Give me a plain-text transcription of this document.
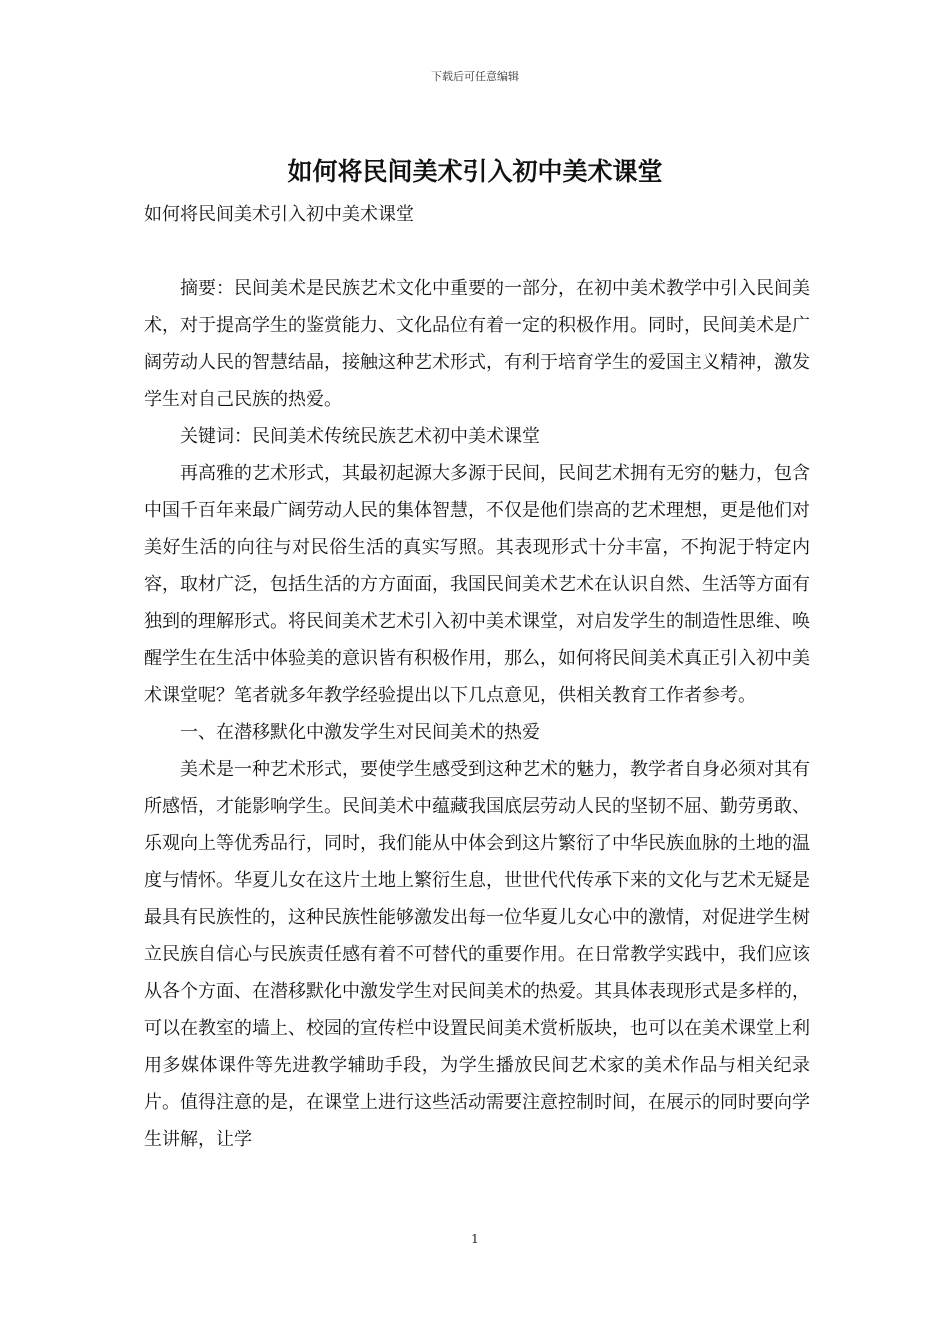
下载后可任意编辑
如何将民间美术引入初中美术课堂

如何将民间美术引入初中美术课堂

摘要：民间美术是民族艺术文化中重要的一部分，在初中美术教学中引入民间美术，对于提高学生的鉴赏能力、文化品位有着一定的积极作用。同时，民间美术是广阔劳动人民的智慧结晶，接触这种艺术形式，有利于培育学生的爱国主义精神，激发学生对自己民族的热爱。

关键词：民间美术传统民族艺术初中美术课堂

再高雅的艺术形式，其最初起源大多源于民间，民间艺术拥有无穷的魅力，包含中国千百年来最广阔劳动人民的集体智慧，不仅是他们崇高的艺术理想，更是他们对美好生活的向往与对民俗生活的真实写照。其表现形式十分丰富，不拘泥于特定内容，取材广泛，包括生活的方方面面，我国民间美术艺术在认识自然、生活等方面有独到的理解形式。将民间美术艺术引入初中美术课堂，对启发学生的制造性思维、唤醒学生在生活中体验美的意识皆有积极作用，那么，如何将民间美术真正引入初中美术课堂呢？笔者就多年教学经验提出以下几点意见，供相关教育工作者参考。

一、在潜移默化中激发学生对民间美术的热爱

美术是一种艺术形式，要使学生感受到这种艺术的魅力，教学者自身必须对其有所感悟，才能影响学生。民间美术中蕴藏我国底层劳动人民的坚韧不屈、勤劳勇敢、乐观向上等优秀品行，同时，我们能从中体会到这片繁衍了中华民族血脉的土地的温度与情怀。华夏儿女在这片土地上繁衍生息，世世代代传承下来的文化与艺术无疑是最具有民族性的，这种民族性能够激发出每一位华夏儿女心中的激情，对促进学生树立民族自信心与民族责任感有着不可替代的重要作用。在日常教学实践中，我们应该从各个方面、在潜移默化中激发学生对民间美术的热爱。其具体表现形式是多样的，可以在教室的墙上、校园的宣传栏中设置民间美术赏析版块，也可以在美术课堂上利用多媒体课件等先进教学辅助手段，为学生播放民间艺术家的美术作品与相关纪录片。值得注意的是，在课堂上进行这些活动需要注意控制时间，在展示的同时要向学生讲解，让学

1
